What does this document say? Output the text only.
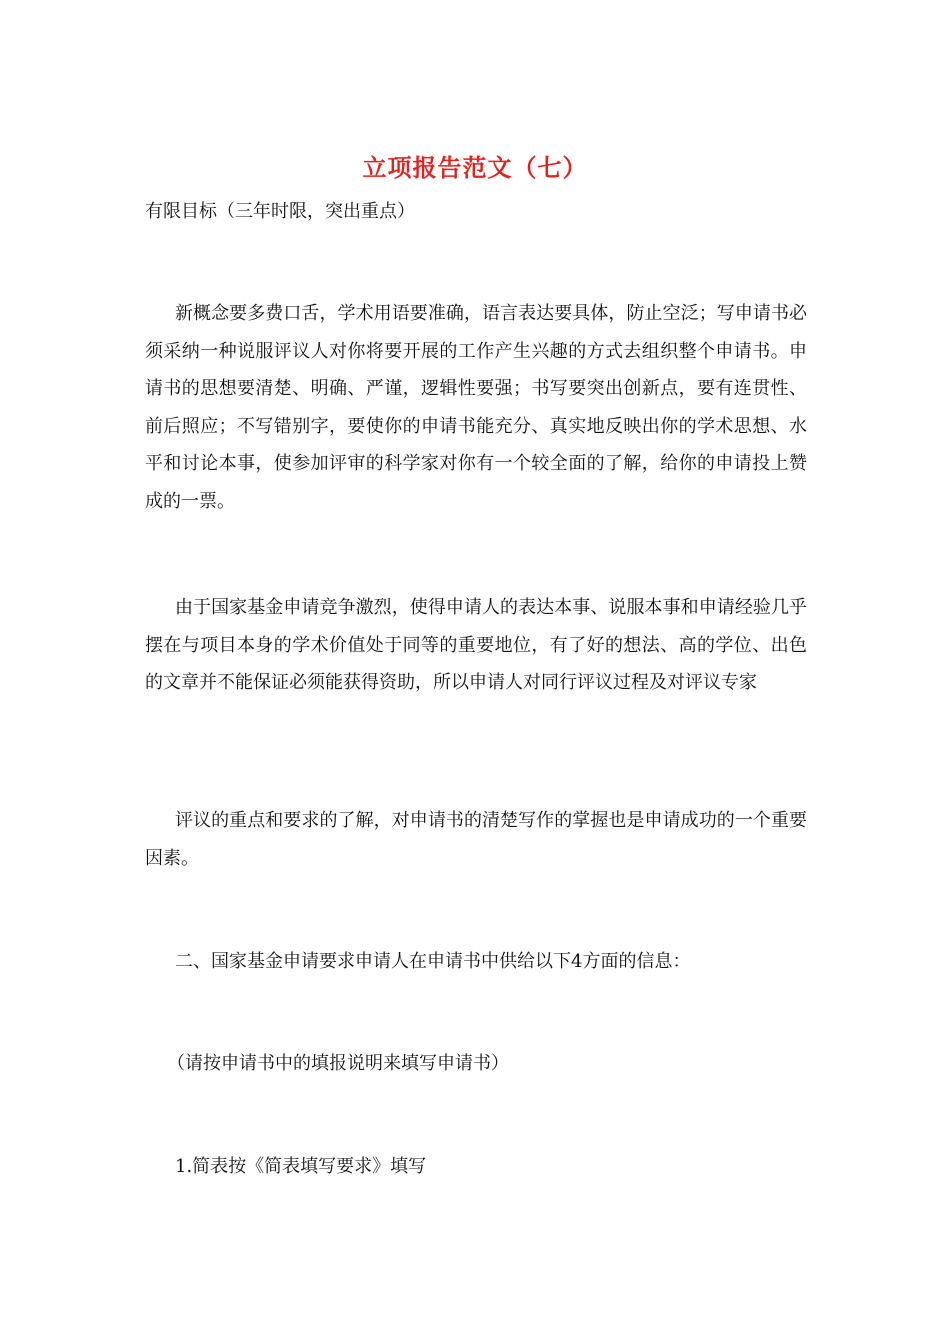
立项报告范文（七）
有限目标（三年时限，突出重点）
新概念要多费口舌，学术用语要准确，语言表达要具体，防止空泛；写申请书必须采纳一种说服评议人对你将要开展的工作产生兴趣的方式去组织整个申请书。申请书的思想要清楚、明确、严谨，逻辑性要强；书写要突出创新点，要有连贯性、前后照应；不写错别字，要使你的申请书能充分、真实地反映出你的学术思想、水平和讨论本事，使参加评审的科学家对你有一个较全面的了解，给你的申请投上赞成的一票。
由于国家基金申请竞争激烈，使得申请人的表达本事、说服本事和申请经验几乎摆在与项目本身的学术价值处于同等的重要地位，有了好的想法、高的学位、出色的文章并不能保证必须能获得资助，所以申请人对同行评议过程及对评议专家
评议的重点和要求的了解，对申请书的清楚写作的掌握也是申请成功的一个重要因素。
二、国家基金申请要求申请人在申请书中供给以下4方面的信息：
（请按申请书中的填报说明来填写申请书）
1.简表按《简表填写要求》填写
